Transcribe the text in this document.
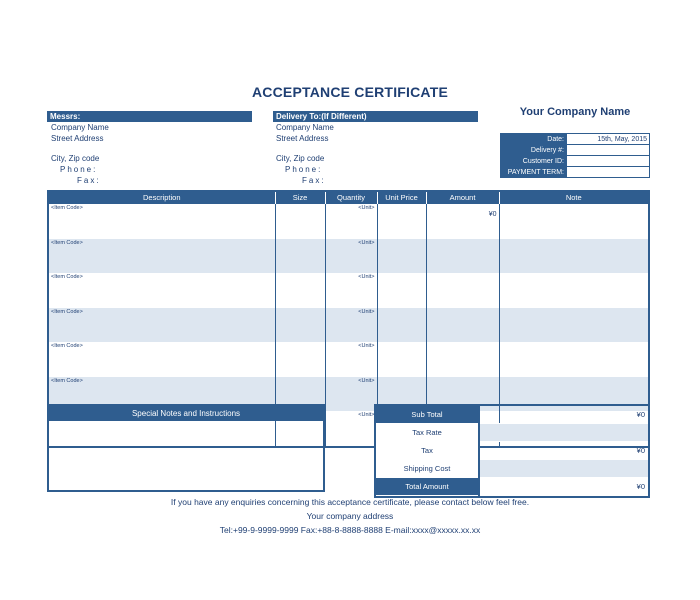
ACCEPTANCE CERTIFICATE
Your Company Name
Messrs:
Company Name
Street Address
City, Zip code
Phone:
Fax:
Delivery To:(If Different)
Company Name
Street Address
City, Zip code
Phone:
Fax:
Date:	15th, May, 2015
Delivery #:	
Customer ID:	
PAYMENT TERM:	
Description	Size	Quantity	Unit Price	Amount	Note
<Item Code>		<Unit>		¥0	
<Item Code>		<Unit>			
<Item Code>		<Unit>			
<Item Code>		<Unit>			
<Item Code>		<Unit>			
<Item Code>		<Unit>			
		<Unit>			
Special Notes and Instructions	Sub Total	¥0
Tax Rate	
Tax	¥0
Shipping Cost	
Total Amount	¥0
If you have any enquiries concerning this acceptance certificate, please contact below feel free.
Your company address
Tel:+99-9-9999-9999 Fax:+88-8-8888-8888 E-mail:xxxx@xxxxx.xx.xx
